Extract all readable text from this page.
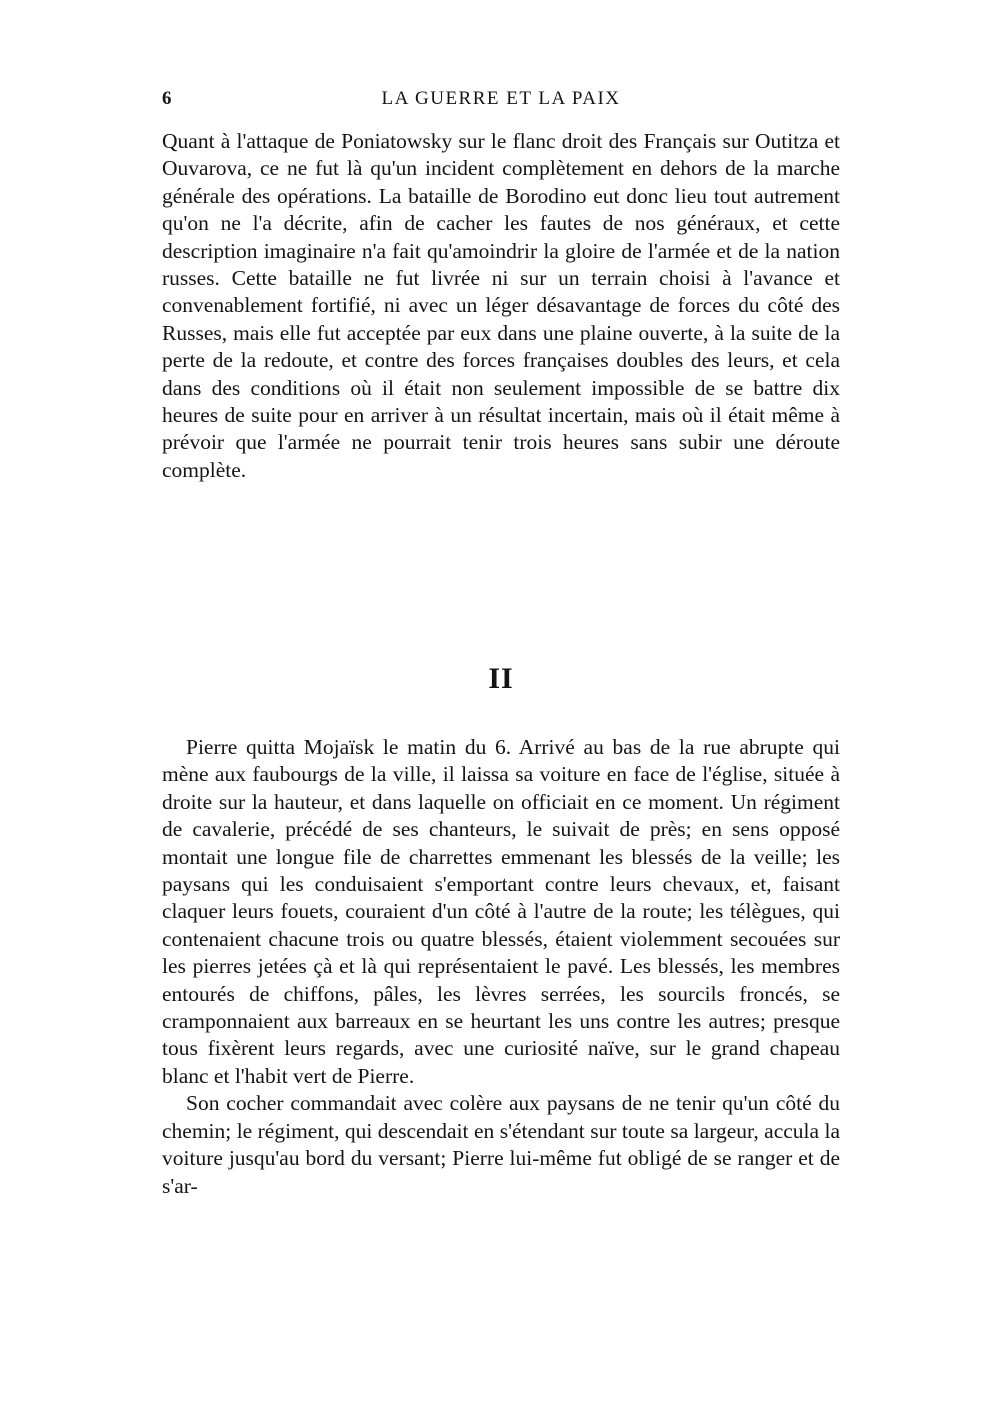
6	LA GUERRE ET LA PAIX

Quant à l'attaque de Poniatowsky sur le flanc droit des Français sur Outitza et Ouvarova, ce ne fut là qu'un incident complètement en dehors de la marche générale des opérations. La bataille de Borodino eut donc lieu tout autrement qu'on ne l'a décrite, afin de cacher les fautes de nos généraux, et cette description imaginaire n'a fait qu'amoindrir la gloire de l'armée et de la nation russes. Cette bataille ne fut livrée ni sur un terrain choisi à l'avance et convenablement fortifié, ni avec un léger désavantage de forces du côté des Russes, mais elle fut acceptée par eux dans une plaine ouverte, à la suite de la perte de la redoute, et contre des forces françaises doubles des leurs, et cela dans des conditions où il était non seulement impossible de se battre dix heures de suite pour en arriver à un résultat incertain, mais où il était même à prévoir que l'armée ne pourrait tenir trois heures sans subir une déroute complète.

II

Pierre quitta Mojaïsk le matin du 6. Arrivé au bas de la rue abrupte qui mène aux faubourgs de la ville, il laissa sa voiture en face de l'église, située à droite sur la hauteur, et dans laquelle on officiait en ce moment. Un régiment de cavalerie, précédé de ses chanteurs, le suivait de près; en sens opposé montait une longue file de charrettes emmenant les blessés de la veille; les paysans qui les conduisaient s'emportant contre leurs chevaux, et, faisant claquer leurs fouets, couraient d'un côté à l'autre de la route; les télègues, qui contenaient chacune trois ou quatre blessés, étaient violemment secouées sur les pierres jetées çà et là qui représentaient le pavé. Les blessés, les membres entourés de chiffons, pâles, les lèvres serrées, les sourcils froncés, se cramponnaient aux barreaux en se heurtant les uns contre les autres; presque tous fixèrent leurs regards, avec une curiosité naïve, sur le grand chapeau blanc et l'habit vert de Pierre.

Son cocher commandait avec colère aux paysans de ne tenir qu'un côté du chemin; le régiment, qui descendait en s'étendant sur toute sa largeur, accula la voiture jusqu'au bord du versant; Pierre lui-même fut obligé de se ranger et de s'ar-
